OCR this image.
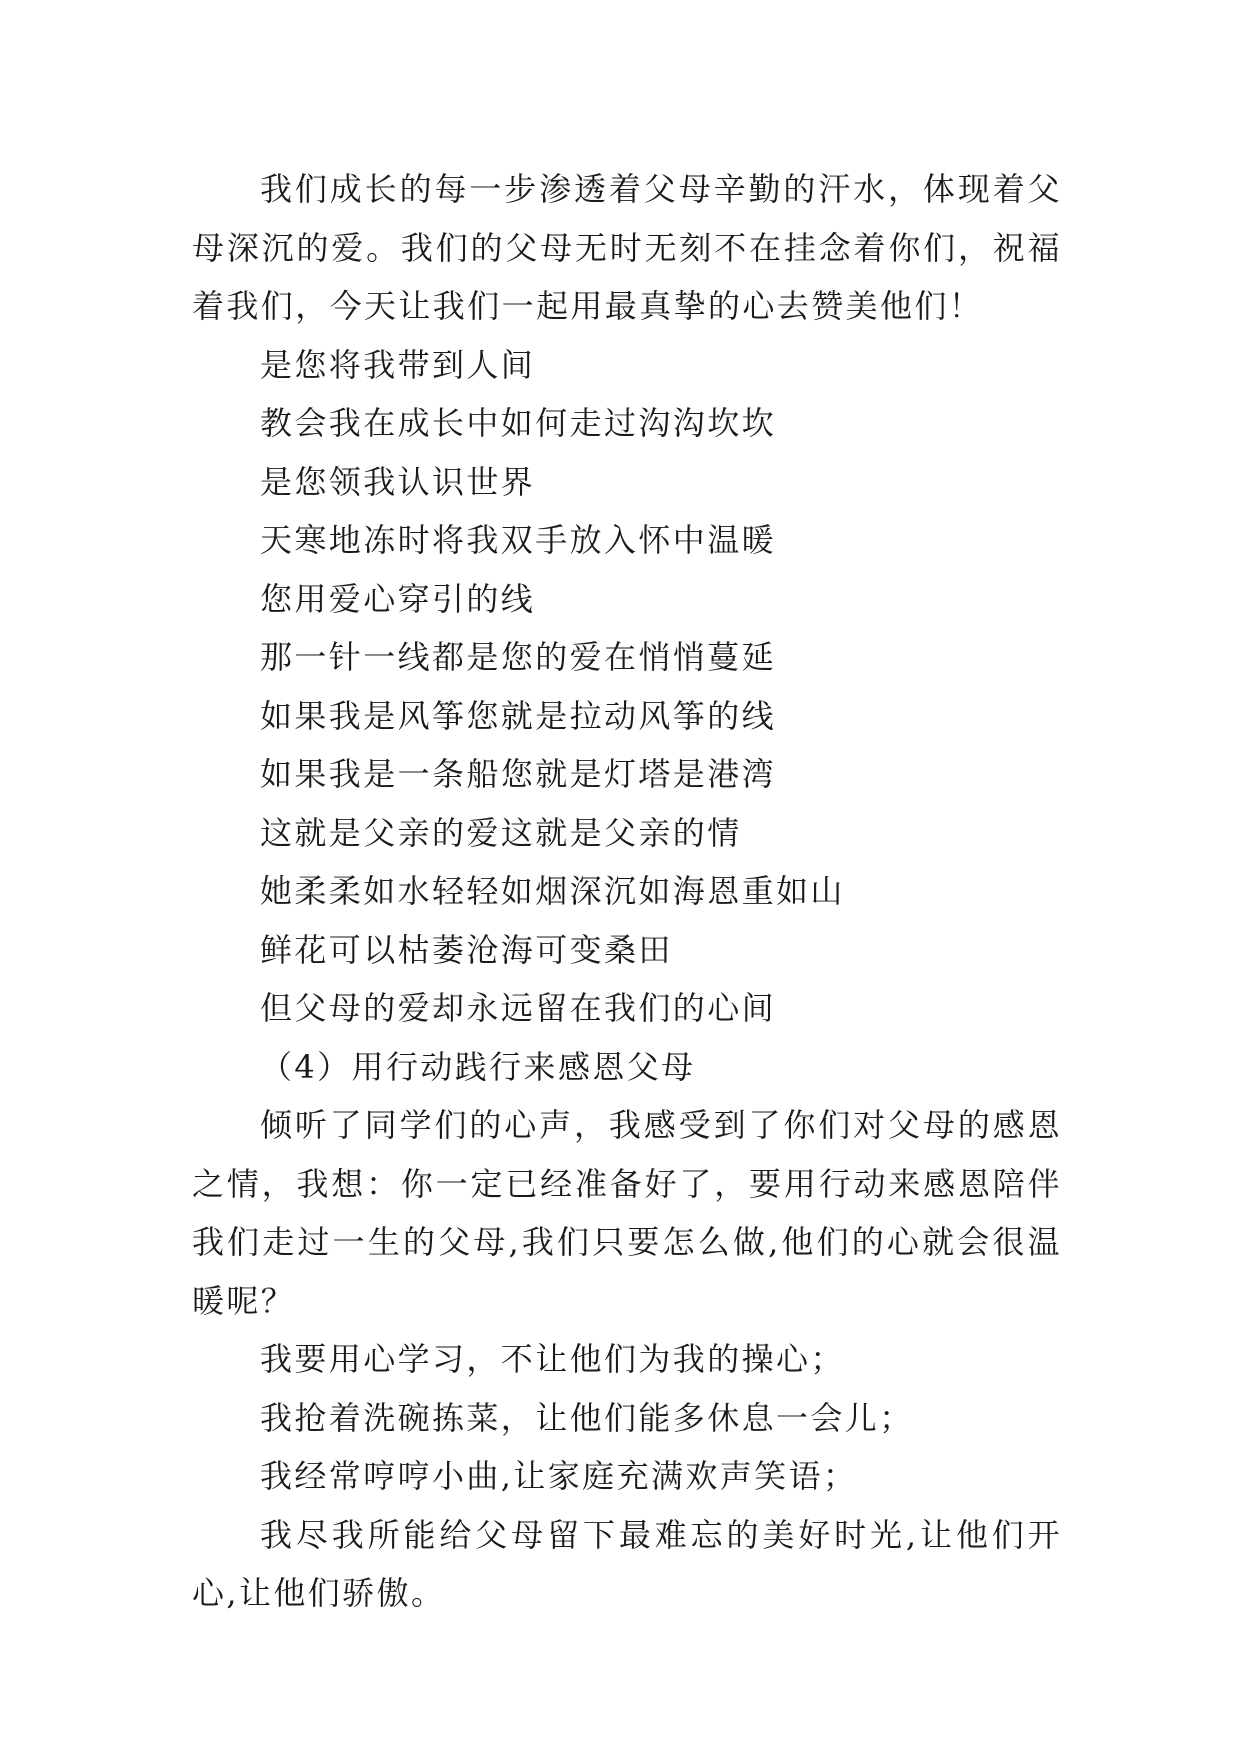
我们成长的每一步渗透着父母辛勤的汗水，体现着父母深沉的爱。我们的父母无时无刻不在挂念着你们，祝福着我们，今天让我们一起用最真挚的心去赞美他们！

是您将我带到人间

教会我在成长中如何走过沟沟坎坎

是您领我认识世界

天寒地冻时将我双手放入怀中温暖

您用爱心穿引的线

那一针一线都是您的爱在悄悄蔓延

如果我是风筝您就是拉动风筝的线

如果我是一条船您就是灯塔是港湾

这就是父亲的爱这就是父亲的情

她柔柔如水轻轻如烟深沉如海恩重如山

鲜花可以枯萎沧海可变桑田

但父母的爱却永远留在我们的心间

（4）用行动践行来感恩父母

倾听了同学们的心声，我感受到了你们对父母的感恩之情，我想：你一定已经准备好了，要用行动来感恩陪伴我们走过一生的父母,我们只要怎么做,他们的心就会很温暖呢？

我要用心学习，不让他们为我的操心；

我抢着洗碗拣菜，让他们能多休息一会儿；

我经常哼哼小曲,让家庭充满欢声笑语；

我尽我所能给父母留下最难忘的美好时光,让他们开心,让他们骄傲。
